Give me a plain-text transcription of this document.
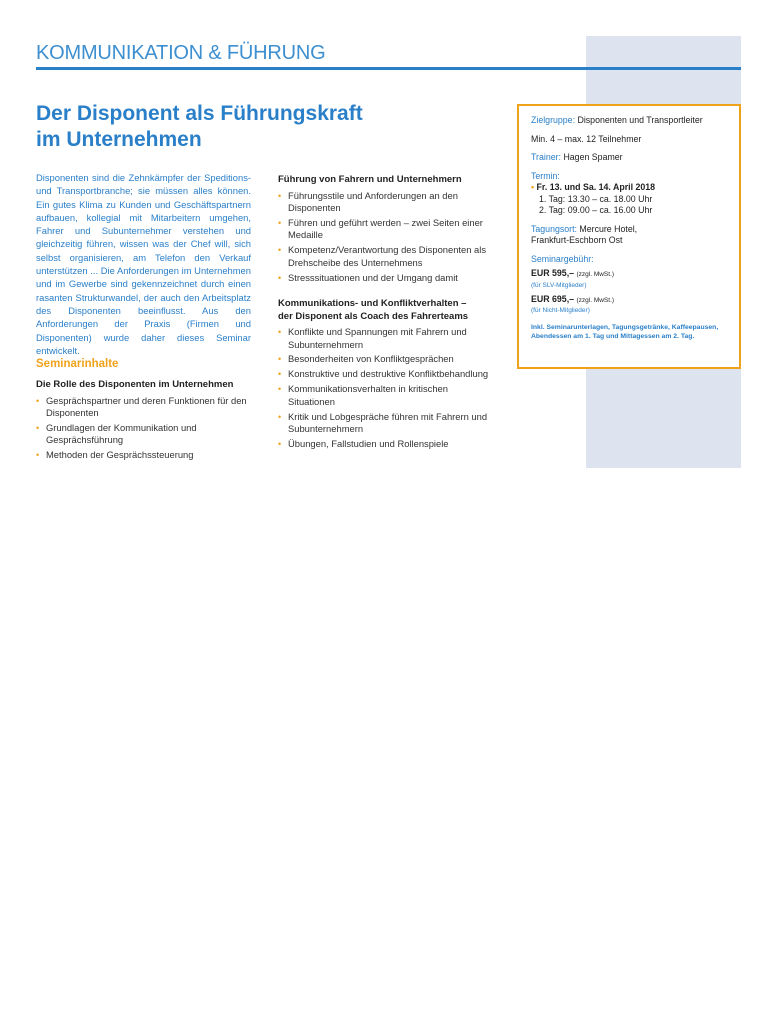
KOMMUNIKATION & FÜHRUNG
Der Disponent als Führungskraft
im Unternehmen

Disponenten sind die Zehnkämpfer der Speditions- und Transportbranche; sie müssen alles können. Ein gutes Klima zu Kunden und Geschäftspartnern aufbauen, kollegial mit Mitarbeitern umgehen, Fahrer und Subunternehmer verstehen und gleichzeitig führen, wissen was der Chef will, sich selbst organisieren, am Telefon den Verkauf unterstützen ... Die Anforderungen im Unternehmen und im Gewerbe sind gekennzeichnet durch einen rasanten Strukturwandel, der auch den Arbeitsplatz des Disponenten beeinflusst. Aus den Anforderungen der Praxis (Firmen und Disponenten) wurde daher dieses Seminar entwickelt.

Seminarinhalte
Die Rolle des Disponenten im Unternehmen
• Gesprächspartner und deren Funktionen für den Disponenten
• Grundlagen der Kommunikation und Gesprächsführung
• Methoden der Gesprächssteuerung
Führung von Fahrern und Unternehmern
• Führungsstile und Anforderungen an den Disponenten
• Führen und geführt werden – zwei Seiten einer Medaille
• Kompetenz/Verantwortung des Disponenten als Drehscheibe des Unternehmens
• Stresssituationen und der Umgang damit
Kommunikations- und Konfliktverhalten –
der Disponent als Coach des Fahrerteams
• Konflikte und Spannungen mit Fahrern und Subunternehmern
• Besonderheiten von Konfliktgesprächen
• Konstruktive und destruktive Konfliktbehandlung
• Kommunikationsverhalten in kritischen Situationen
• Kritik und Lobgespräche führen mit Fahrern und Subunternehmern
• Übungen, Fallstudien und Rollenspiele
Zielgruppe: Disponenten und Transportleiter
Min. 4 – max. 12 Teilnehmer
Trainer: Hagen Spamer
Termin:
• Fr. 13. und Sa. 14. April 2018
1. Tag: 13.30 – ca. 18.00 Uhr
2. Tag: 09.00 – ca. 16.00 Uhr
Tagungsort: Mercure Hotel,
Frankfurt-Eschborn Ost
Seminargebühr:
EUR 595,– (zzgl. MwSt.)
(für SLV-Mitglieder)
EUR 695,– (zzgl. MwSt.)
(für Nicht-Mitglieder)
Inkl. Seminarunterlagen, Tagungsgetränke, Kaffeepausen, Abendessen am 1. Tag und Mittagessen am 2. Tag.
